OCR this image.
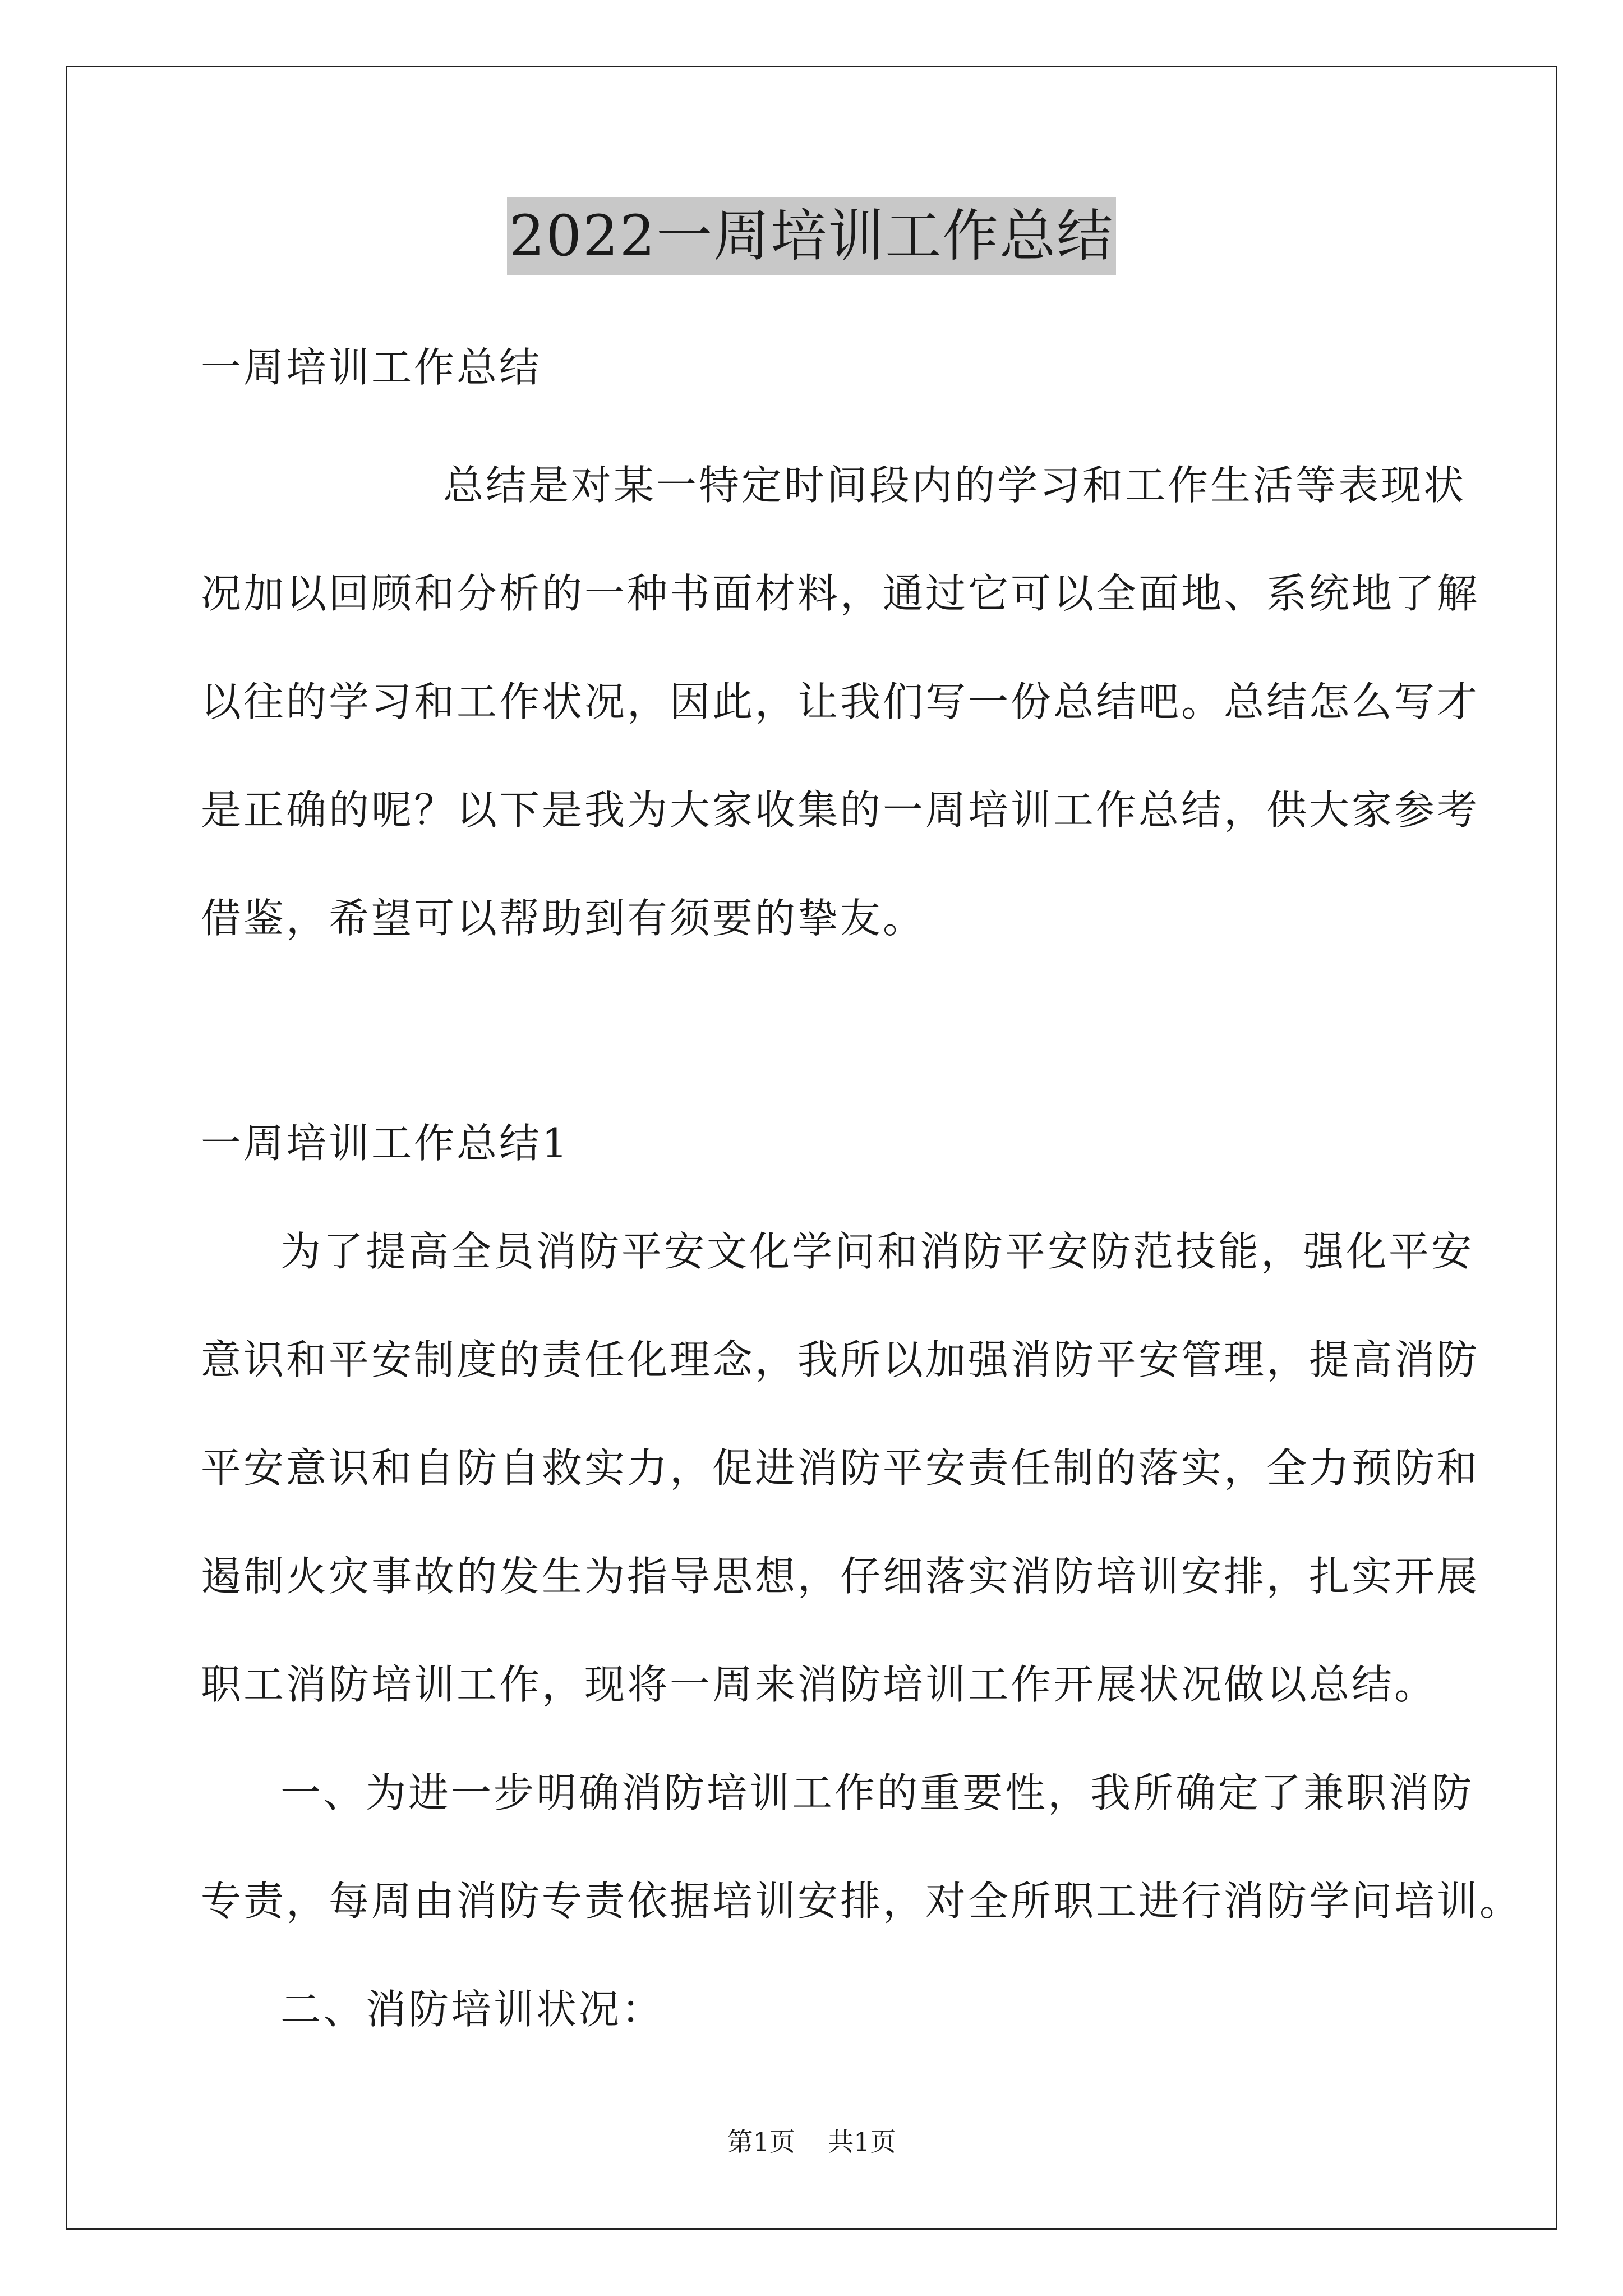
2022一周培训工作总结
一周培训工作总结
总结是对某一特定时间段内的学习和工作生活等表现状
况加以回顾和分析的一种书面材料，通过它可以全面地、系统地了解
以往的学习和工作状况，因此，让我们写一份总结吧。总结怎么写才
是正确的呢？以下是我为大家收集的一周培训工作总结，供大家参考
借鉴，希望可以帮助到有须要的挚友。
一周培训工作总结1
为了提高全员消防平安文化学问和消防平安防范技能，强化平安
意识和平安制度的责任化理念，我所以加强消防平安管理，提高消防
平安意识和自防自救实力，促进消防平安责任制的落实，全力预防和
遏制火灾事故的发生为指导思想，仔细落实消防培训安排，扎实开展
职工消防培训工作，现将一周来消防培训工作开展状况做以总结。
一、为进一步明确消防培训工作的重要性，我所确定了兼职消防
专责，每周由消防专责依据培训安排，对全所职工进行消防学问培训。
二、消防培训状况：
第1页 共1页
